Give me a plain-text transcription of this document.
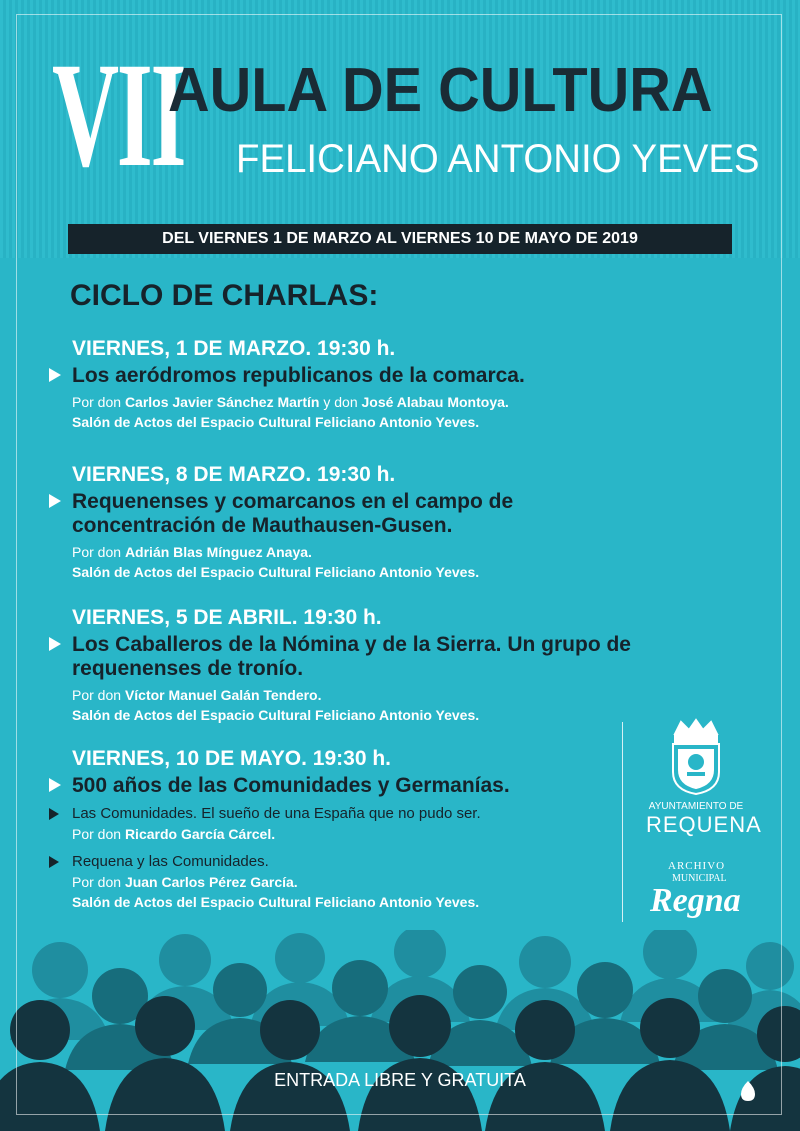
VII
AULA DE CULTURA
FELICIANO ANTONIO YEVES
DEL VIERNES 1 DE MARZO AL VIERNES 10 DE MAYO DE 2019
CICLO DE CHARLAS:
VIERNES, 1 DE MARZO. 19:30 h.
Los aeródromos republicanos de la comarca.
Por don Carlos Javier Sánchez Martín y don José Alabau Montoya.
Salón de Actos del Espacio Cultural Feliciano Antonio Yeves.
VIERNES, 8 DE MARZO. 19:30 h.
Requenenses y comarcanos en el campo de
concentración de Mauthausen-Gusen.
Por don Adrián Blas Mínguez Anaya.
Salón de Actos del Espacio Cultural Feliciano Antonio Yeves.
VIERNES, 5 DE ABRIL. 19:30 h.
Los Caballeros de la Nómina y de la Sierra. Un grupo de
requenenses de tronío.
Por don Víctor Manuel Galán Tendero.
Salón de Actos del Espacio Cultural Feliciano Antonio Yeves.
VIERNES, 10 DE MAYO. 19:30 h.
500 años de las Comunidades y Germanías.
Las Comunidades. El sueño de una España que no pudo ser.
Por don Ricardo García Cárcel.
Requena y las Comunidades.
Por don Juan Carlos Pérez García.
Salón de Actos del Espacio Cultural Feliciano Antonio Yeves.
AYUNTAMIENTO DE
REQUENA
ARCHIVO
MUNICIPAL
Regna
ENTRADA LIBRE Y GRATUITA
